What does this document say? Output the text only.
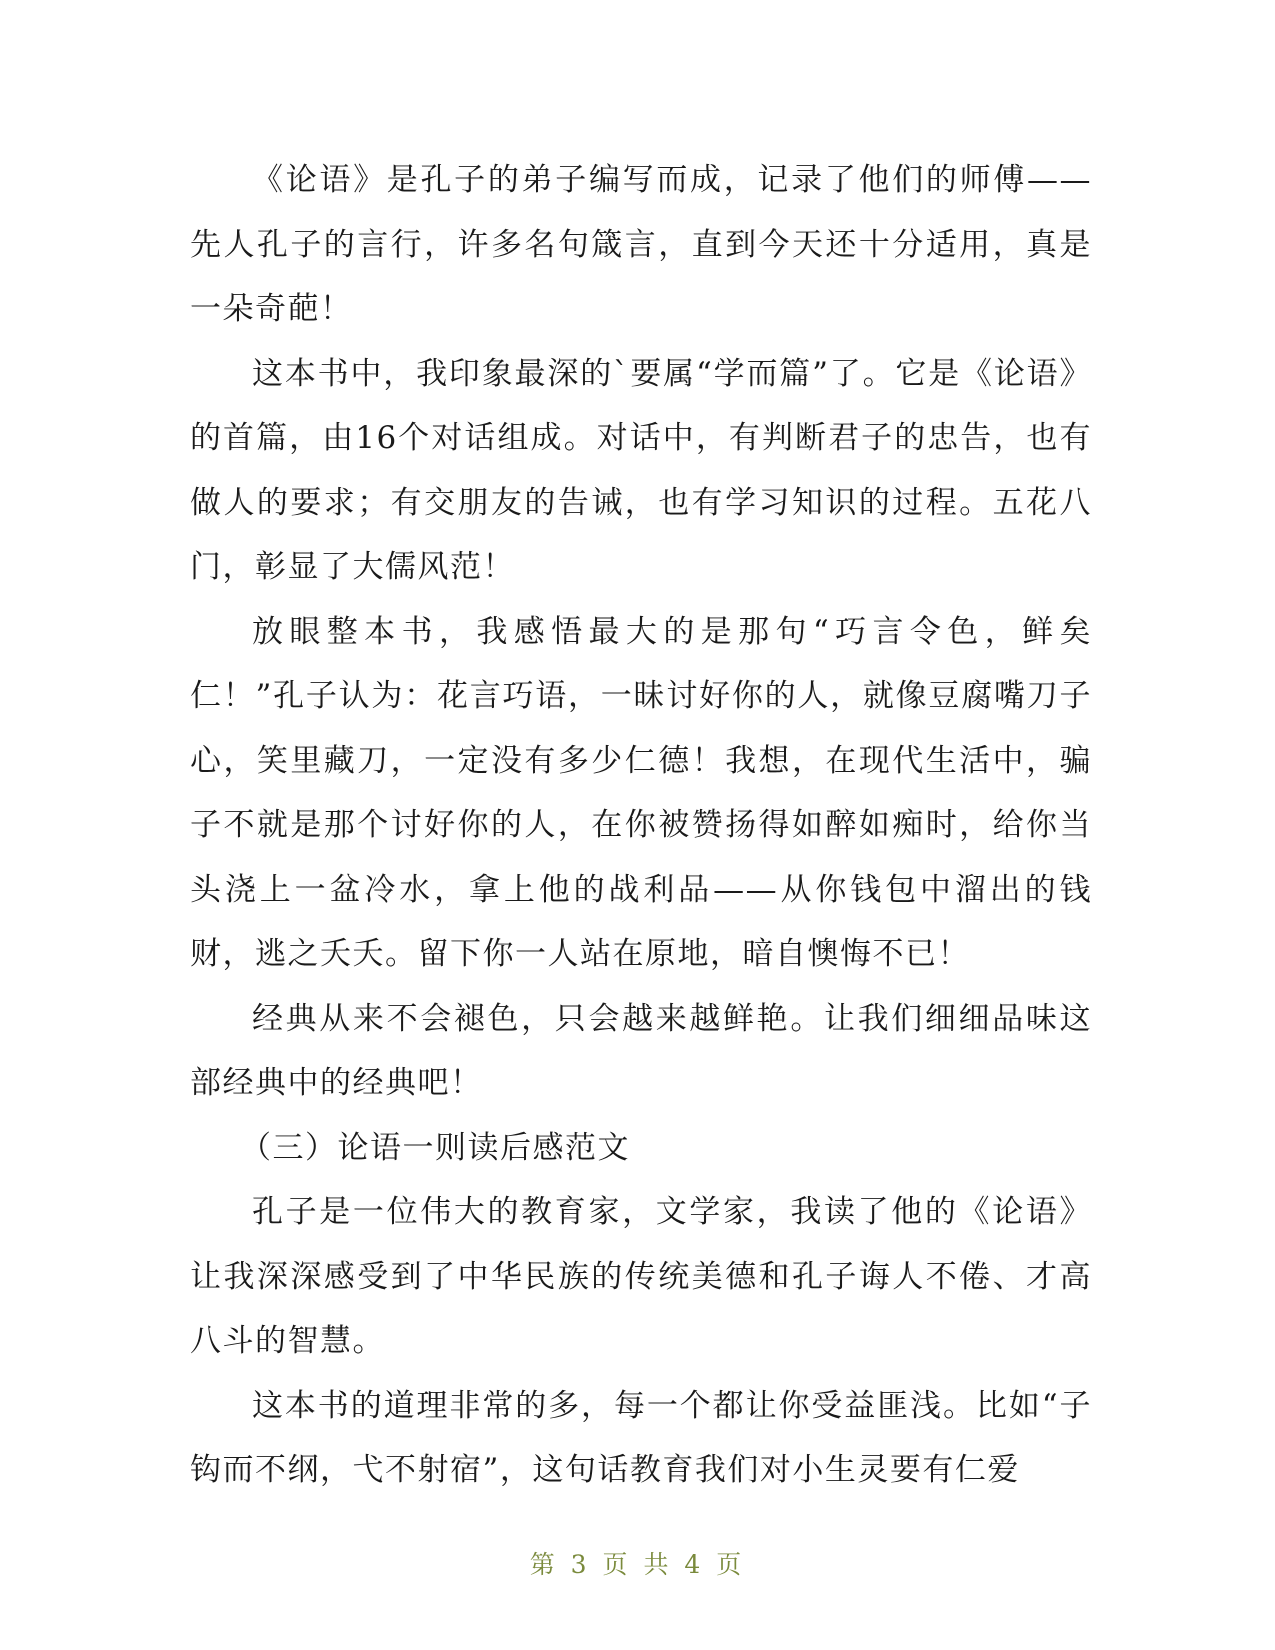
《论语》是孔子的弟子编写而成，记录了他们的师傅——先人孔子的言行，许多名句箴言，直到今天还十分适用，真是一朵奇葩！

这本书中，我印象最深的`要属“学而篇”了。它是《论语》的首篇，由16个对话组成。对话中，有判断君子的忠告，也有做人的要求；有交朋友的告诫，也有学习知识的过程。五花八门，彰显了大儒风范！

放眼整本书，我感悟最大的是那句“巧言令色，鲜矣仁！”孔子认为：花言巧语，一昧讨好你的人，就像豆腐嘴刀子心，笑里藏刀，一定没有多少仁德！我想，在现代生活中，骗子不就是那个讨好你的人，在你被赞扬得如醉如痴时，给你当头浇上一盆冷水，拿上他的战利品——从你钱包中溜出的钱财，逃之夭夭。留下你一人站在原地，暗自懊悔不已！

经典从来不会褪色，只会越来越鲜艳。让我们细细品味这部经典中的经典吧！

（三）论语一则读后感范文

孔子是一位伟大的教育家，文学家，我读了他的《论语》让我深深感受到了中华民族的传统美德和孔子诲人不倦、才高八斗的智慧。

这本书的道理非常的多，每一个都让你受益匪浅。比如“子钩而不纲，弋不射宿”，这句话教育我们对小生灵要有仁爱

第 3 页 共 4 页
